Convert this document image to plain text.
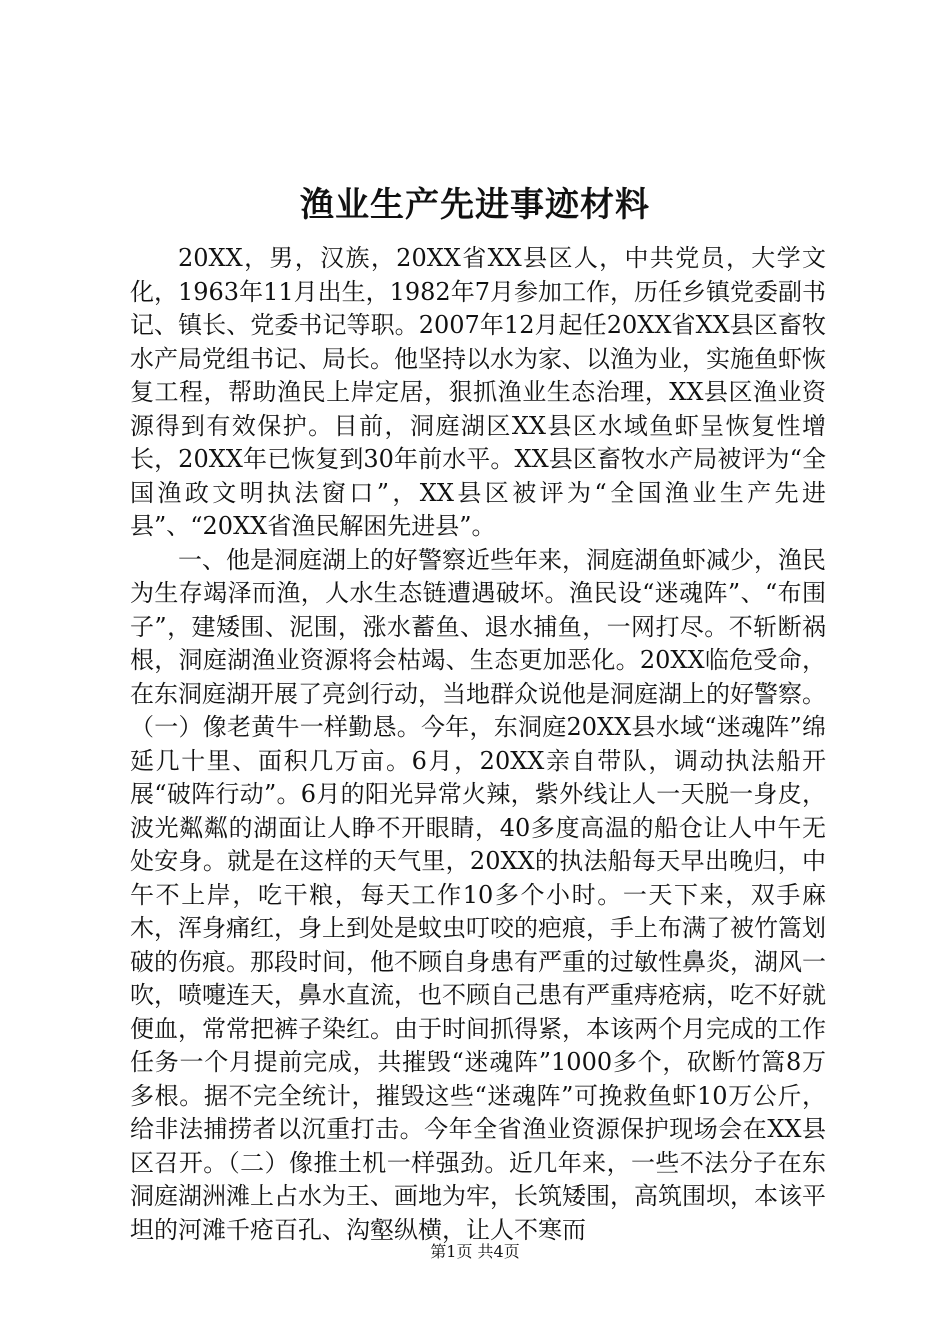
渔业生产先进事迹材料

20XX，男，汉族，20XX省XX县区人，中共党员，大学文化，1963年11月出生，1982年7月参加工作，历任乡镇党委副书记、镇长、党委书记等职。2007年12月起任20XX省XX县区畜牧水产局党组书记、局长。他坚持以水为家、以渔为业，实施鱼虾恢复工程，帮助渔民上岸定居，狠抓渔业生态治理，XX县区渔业资源得到有效保护。目前，洞庭湖区XX县区水域鱼虾呈恢复性增长，20XX年已恢复到30年前水平。XX县区畜牧水产局被评为“全国渔政文明执法窗口”，XX县区被评为“全国渔业生产先进县”、“20XX省渔民解困先进县”。

一、他是洞庭湖上的好警察近些年来，洞庭湖鱼虾减少，渔民为生存竭泽而渔，人水生态链遭遇破坏。渔民设“迷魂阵”、“布围子”，建矮围、泥围，涨水蓄鱼、退水捕鱼，一网打尽。不斩断祸根，洞庭湖渔业资源将会枯竭、生态更加恶化。20XX临危受命，在东洞庭湖开展了亮剑行动，当地群众说他是洞庭湖上的好警察。（一）像老黄牛一样勤恳。今年，东洞庭20XX县水域“迷魂阵”绵延几十里、面积几万亩。6月，20XX亲自带队，调动执法船开展“破阵行动”。6月的阳光异常火辣，紫外线让人一天脱一身皮，波光粼粼的湖面让人睁不开眼睛，40多度高温的船仓让人中午无处安身。就是在这样的天气里，20XX的执法船每天早出晚归，中午不上岸，吃干粮，每天工作10多个小时。一天下来，双手麻木，浑身痛红，身上到处是蚊虫叮咬的疤痕，手上布满了被竹篙划破的伤痕。那段时间，他不顾自身患有严重的过敏性鼻炎，湖风一吹，喷嚏连天，鼻水直流，也不顾自己患有严重痔疮病，吃不好就便血，常常把裤子染红。由于时间抓得紧，本该两个月完成的工作任务一个月提前完成，共摧毁“迷魂阵”1000多个，砍断竹篙8万多根。据不完全统计，摧毁这些“迷魂阵”可挽救鱼虾10万公斤，给非法捕捞者以沉重打击。今年全省渔业资源保护现场会在XX县区召开。（二）像推土机一样强劲。近几年来，一些不法分子在东洞庭湖洲滩上占水为王、画地为牢，长筑矮围，高筑围坝，本该平坦的河滩千疮百孔、沟壑纵横，让人不寒而

第1页 共4页
